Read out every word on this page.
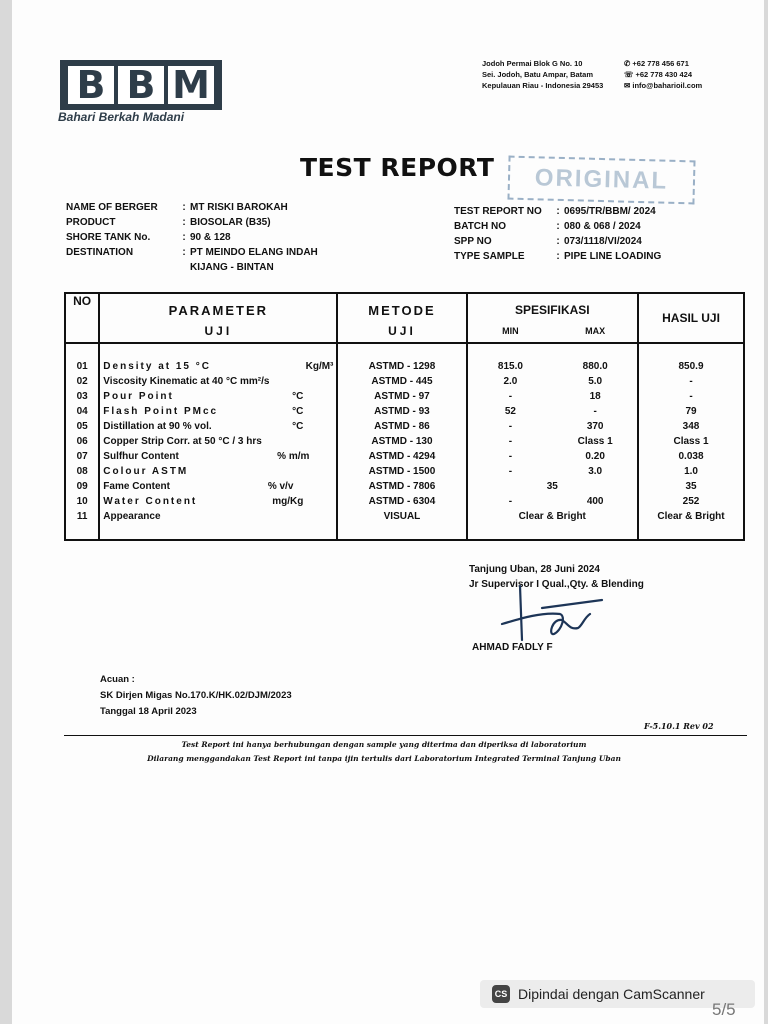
B B M
Bahari Berkah Madani
Jodoh Permai Blok G No. 10
Sei. Jodoh, Batu Ampar, Batam
Kepulauan Riau - Indonesia 29453
✆ +62 778 456 671
☏ +62 778 430 424
✉ info@baharioil.com
TEST REPORT	ORIGINAL
NAME OF BERGER	: MT RISKI BAROKAH
PRODUCT	: BIOSOLAR (B35)
SHORE TANK No.	: 90 & 128
DESTINATION	: PT MEINDO ELANG INDAH
KIJANG - BINTAN
TEST REPORT NO	: 0695/TR/BBM/ 2024
BATCH NO	: 080 & 068 / 2024
SPP NO	: 073/1118/VI/2024
TYPE SAMPLE	: PIPE LINE LOADING
NO	PARAMETER	METODE	SPESIFIKASI		HASIL UJI
	UJI	UJI	MIN	MAX	

01	Density at 15 °C Kg/M³	ASTMD - 1298	815.0	880.0	850.9
02	Viscosity Kinematic at 40 °C mm²/s	ASTMD - 445	2.0	5.0	-
03	Pour Point °C	ASTMD - 97	-	18	-
04	Flash Point PMcc °C	ASTMD - 93	52	-	79
05	Distillation at 90 % vol. °C	ASTMD - 86	-	370	348
06	Copper Strip Corr. at 50 °C / 3 hrs	ASTMD - 130	-	Class 1	Class 1
07	Sulfhur Content % m/m	ASTMD - 4294	-	0.20	0.038
08	Colour ASTM	ASTMD - 1500	-	3.0	1.0
09	Fame Content % v/v	ASTMD - 7806	35		35
10	Water Content mg/Kg	ASTMD - 6304	-	400	252
11	Appearance	VISUAL	Clear & Bright		Clear & Bright

Tanjung Uban, 28 Juni 2024
Jr Supervisor I Qual.,Qty. & Blending
AHMAD FADLY F
Acuan :
SK Dirjen Migas No.170.K/HK.02/DJM/2023
Tanggal 18 April 2023
F-5.10.1 Rev 02
Test Report ini hanya berhubungan dengan sample yang diterima dan diperiksa di laboratorium
Dilarang menggandakan Test Report ini tanpa ijin tertulis dari Laboratorium Integrated Terminal Tanjung Uban
CS Dipindai dengan CamScanner
5/5
